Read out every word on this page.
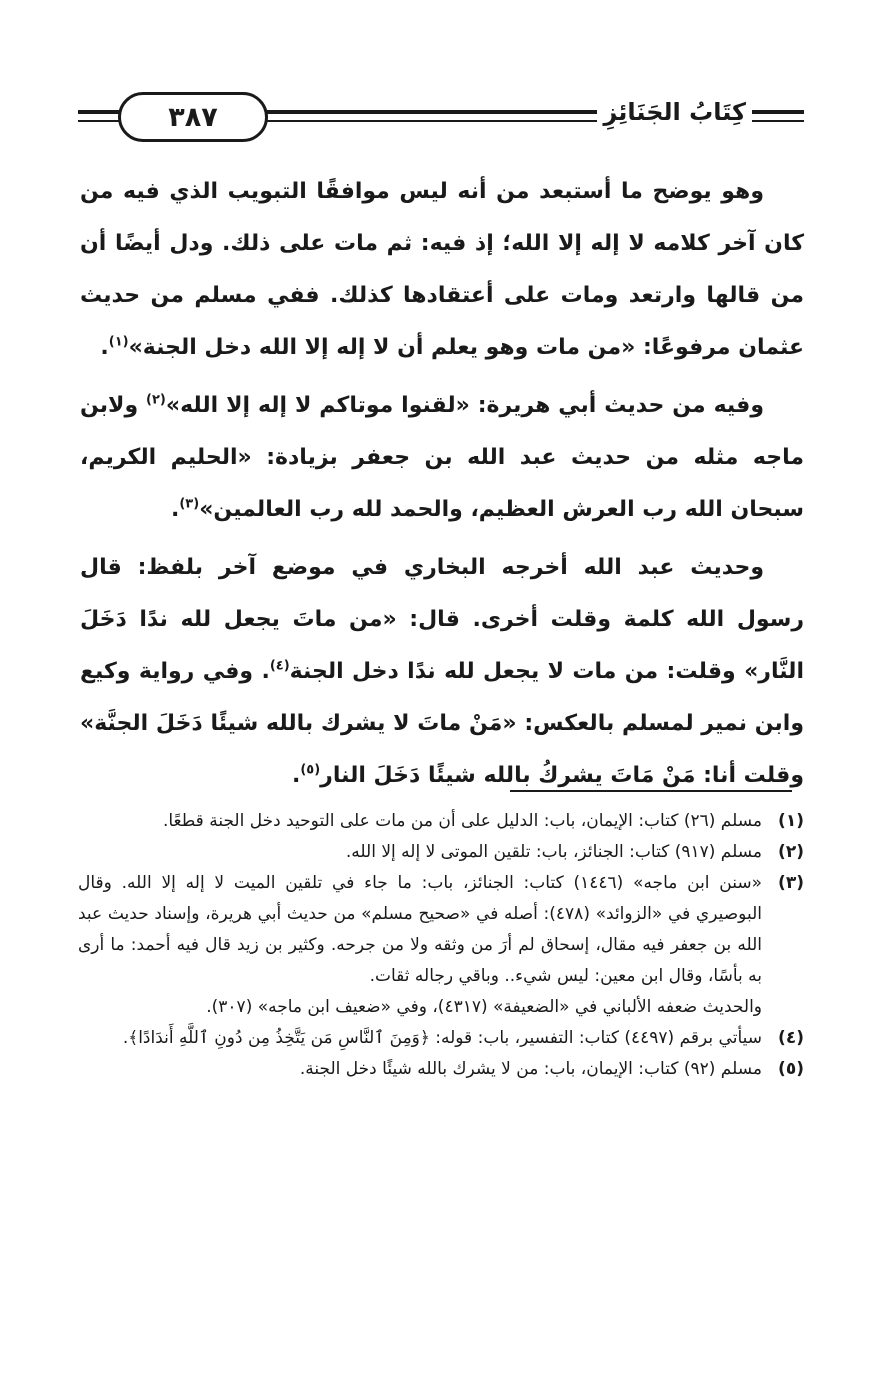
٣٨٧	كِتَابُ الجَنَائِزِ

وهو يوضح ما أستبعد من أنه ليس موافقًا التبويب الذي فيه من كان آخر كلامه لا إله إلا الله؛ إذ فيه: ثم مات على ذلك. ودل أيضًا أن من قالها وارتعد ومات على أعتقادها كذلك. ففي مسلم من حديث عثمان مرفوعًا: «من مات وهو يعلم أن لا إله إلا الله دخل الجنة»$^{(١)}$.

وفيه من حديث أبي هريرة: «لقنوا موتاكم لا إله إلا الله»$^{(٢)}$ ولابن ماجه مثله من حديث عبد الله بن جعفر بزيادة: «الحليم الكريم، سبحان الله رب العرش العظيم، والحمد لله رب العالمين»$^{(٣)}$.

وحديث عبد الله أخرجه البخاري في موضع آخر بلفظ: قال رسول الله كلمة وقلت أخرى. قال: «من ماتَ يجعل لله ندًا دَخَلَ النَّار» وقلت: من مات لا يجعل لله ندًا دخل الجنة$^{(٤)}$. وفي رواية وكيع وابن نمير لمسلم بالعكس: «مَنْ ماتَ لا يشرك بالله شيئًا دَخَلَ الجنَّة» وقلت أنا: مَنْ مَاتَ يشركُ بالله شيئًا دَخَلَ النار$^{(٥)}$.

(١)
مسلم (٢٦) كتاب: الإيمان، باب: الدليل على أن من مات على التوحيد دخل الجنة قطعًا.
(٢)
مسلم (٩١٧) كتاب: الجنائز، باب: تلقين الموتى لا إله إلا الله.
(٣)
«سنن ابن ماجه» (١٤٤٦) كتاب: الجنائز، باب: ما جاء في تلقين الميت لا إله إلا الله. وقال البوصيري في «الزوائد» (٤٧٨): أصله في «صحيح مسلم» من حديث أبي هريرة، وإسناد حديث عبد الله بن جعفر فيه مقال، إسحاق لم أرَ من وثقه ولا من جرحه. وكثير بن زيد قال فيه أحمد: ما أرى به بأسًا، وقال ابن معين: ليس شيء.. وباقي رجاله ثقات.
والحديث ضعفه الألباني في «الضعيفة» (٤٣١٧)، وفي «ضعيف ابن ماجه» (٣٠٧).
(٤)
سيأتي برقم (٤٤٩٧) كتاب: التفسير، باب: قوله: ﴿وَمِنَ ٱلنَّاسِ مَن يَتَّخِذُ مِن دُونِ ٱللَّهِ أَندَادًا﴾.
(٥)
مسلم (٩٢) كتاب: الإيمان، باب: من لا يشرك بالله شيئًا دخل الجنة.
